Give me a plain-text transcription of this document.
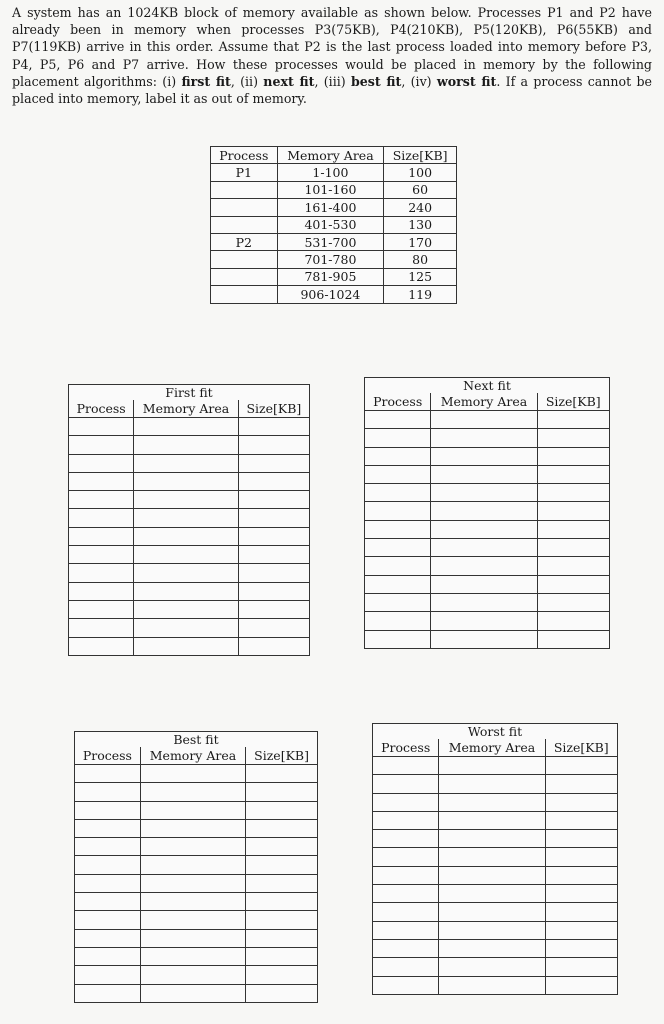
A system has an 1024KB block of memory available as shown below. Processes P1 and P2 have already been in memory when processes P3(75KB), P4(210KB), P5(120KB), P6(55KB) and P7(119KB) arrive in this order. Assume that P2 is the last process loaded into memory before P3, P4, P5, P6 and P7 arrive. How these processes would be placed in memory by the following placement algorithms: (i) first fit, (ii) next fit, (iii) best fit, (iv) worst fit. If a process cannot be placed into memory, label it as out of memory.
Process	Memory Area	Size[KB]
P1	1-100	100
	101-160	60
	161-400	240
	401-530	130
P2	531-700	170
	701-780	80
	781-905	125
	906-1024	119
First fit		
Process	Memory Area	Size[KB]

Next fit		
Process	Memory Area	Size[KB]

Best fit		
Process	Memory Area	Size[KB]

Worst fit		
Process	Memory Area	Size[KB]
